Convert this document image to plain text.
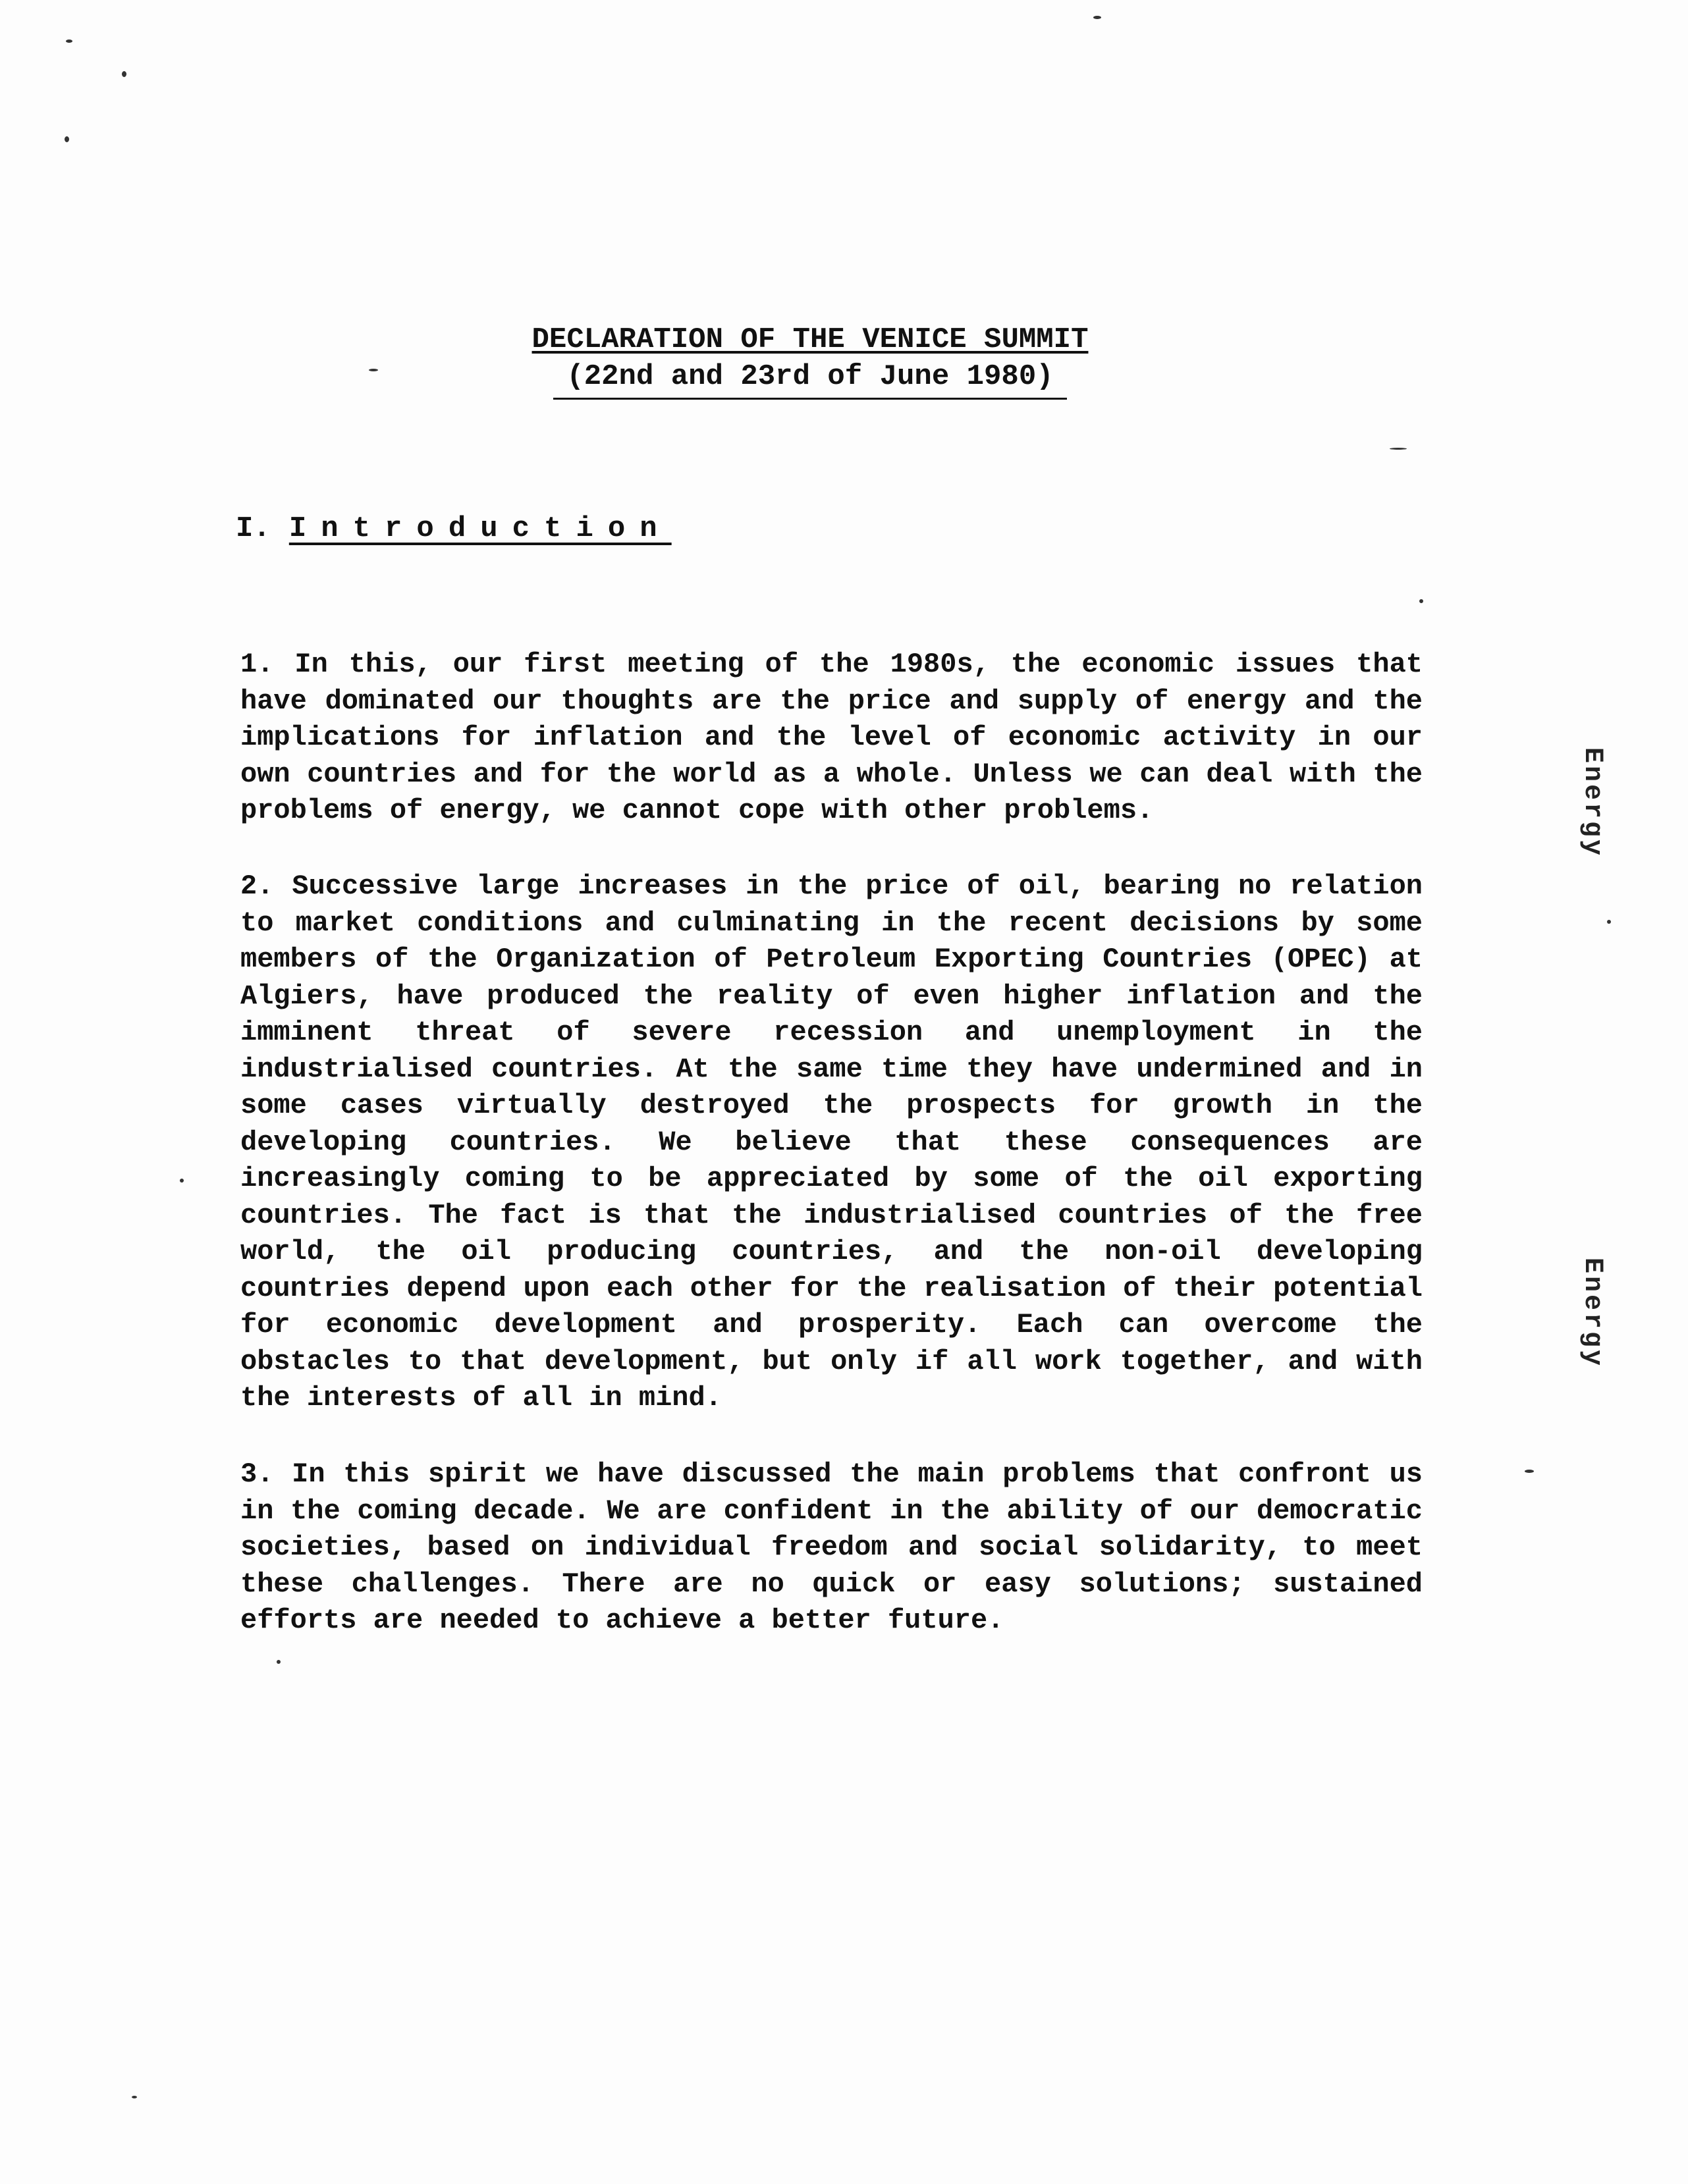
DECLARATION OF THE VENICE SUMMIT
(22nd and 23rd of June 1980)
I. Introduction

1. In this, our first meeting of the 1980s, the economic issues that have dominated our thoughts are the price and supply of energy and the implications for inflation and the level of economic activity in our own countries and for the world as a whole. Unless we can deal with the problems of energy, we cannot cope with other problems.

2. Successive large increases in the price of oil, bearing no relation to market conditions and culminating in the recent decisions by some members of the Organization of Petroleum Exporting Countries (OPEC) at Algiers, have produced the reality of even higher inflation and the imminent threat of severe recession and unemployment in the industrialised countries. At the same time they have undermined and in some cases virtually destroyed the prospects for growth in the developing countries. We believe that these consequences are increasingly coming to be appreciated by some of the oil exporting countries. The fact is that the industrialised countries of the free world, the oil producing countries, and the non-oil developing countries depend upon each other for the realisation of their potential for economic development and prosperity. Each can overcome the obstacles to that development, but only if all work together, and with the interests of all in mind.

3. In this spirit we have discussed the main problems that confront us in the coming decade. We are confident in the ability of our democratic societies, based on individual freedom and social solidarity, to meet these challenges. There are no quick or easy solutions; sustained efforts are needed to achieve a better future.

Energy
Energy
